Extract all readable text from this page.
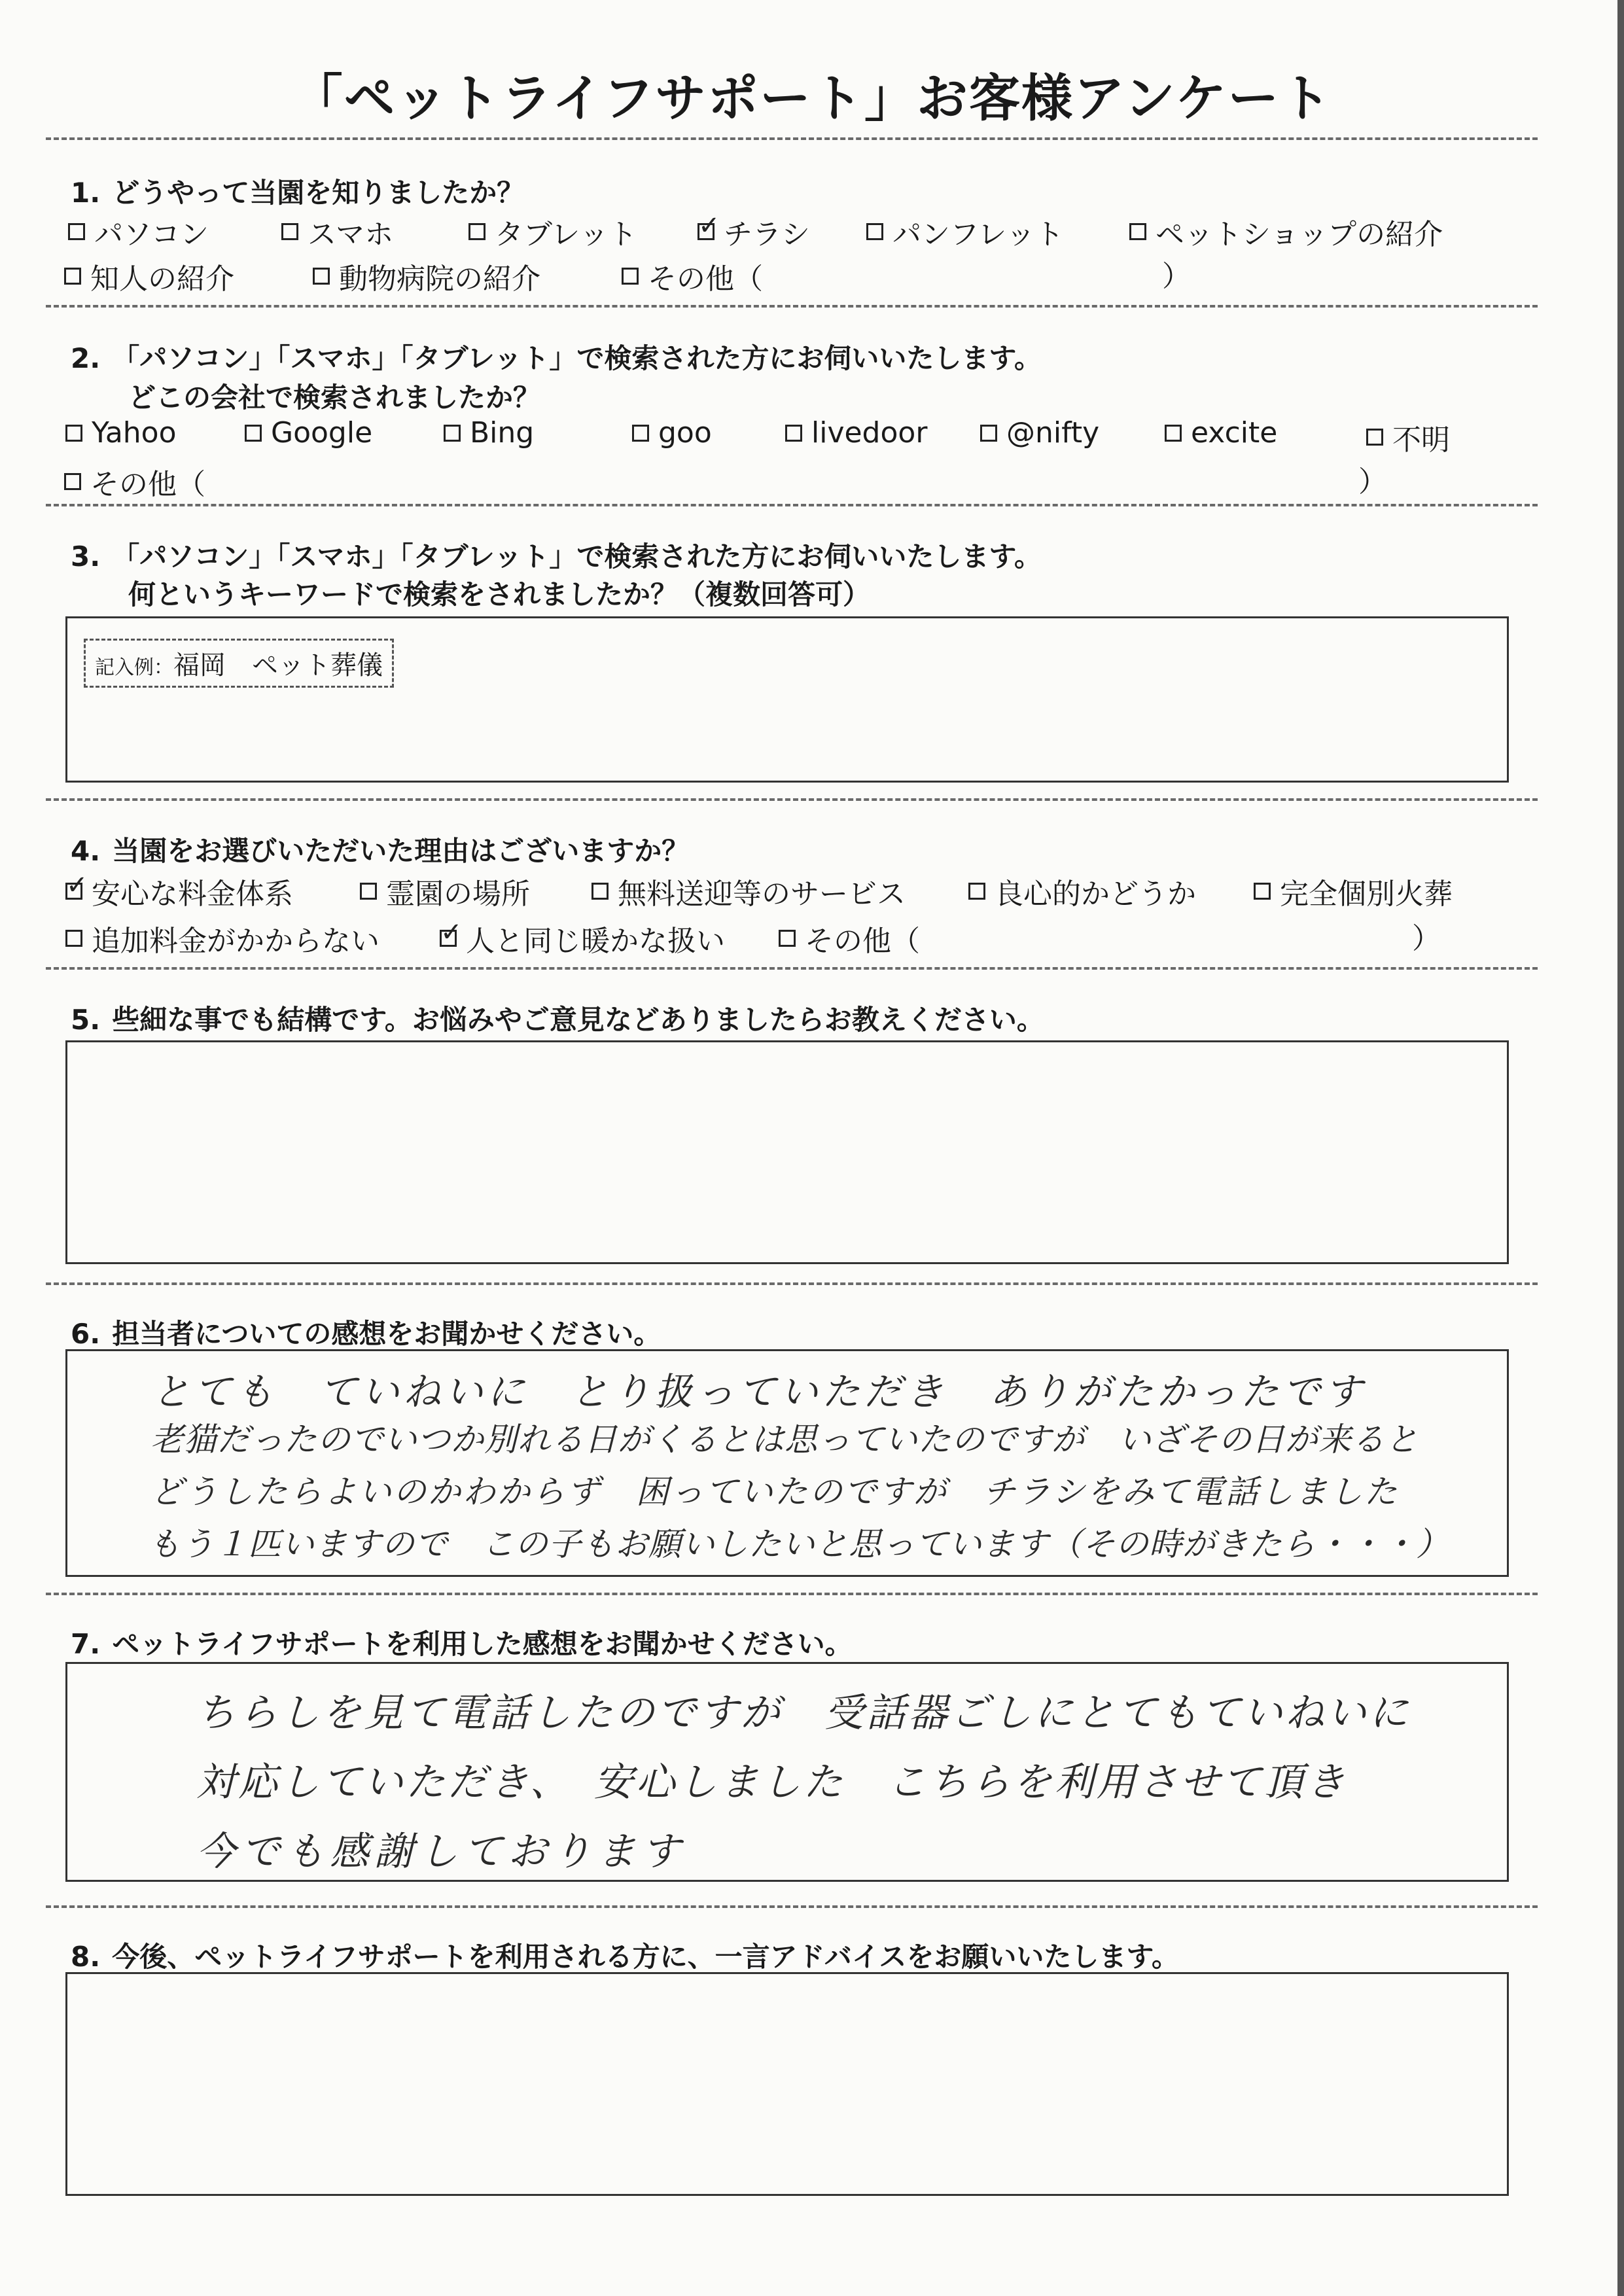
「ペットライフサポート」お客様アンケート
1. どうやって当園を知りましたか？
パソコン	スマホ	タブレット ✓	チラシ	パンフレット	ペットショップの紹介
知人の紹介	動物病院の紹介	その他（	）
2. 「パソコン」「スマホ」「タブレット」で検索された方にお伺いいたします。
どこの会社で検索されましたか？
Yahoo	Google	Bing	goo	livedoor	@nifty	excite	不明
その他（	）
3. 「パソコン」「スマホ」「タブレット」で検索された方にお伺いいたします。
何というキーワードで検索をされましたか？（複数回答可）
記入例：福岡　ペット葬儀
4. 当園をお選びいただいた理由はございますか？
✓
安心な料金体系	霊園の場所	無料送迎等のサービス	良心的かどうか	完全個別火葬
追加料金がかからない ✓	人と同じ暖かな扱い	その他（	）
5. 些細な事でも結構です。お悩みやご意見などありましたらお教えください。
6. 担当者についての感想をお聞かせください。
とても　ていねいに　とり扱っていただき　ありがたかったです
老猫だったのでいつか別れる日がくるとは思っていたのですが　いざその日が来ると
どうしたらよいのかわからず　困っていたのですが　チラシをみて電話しました
もう１匹いますので　この子もお願いしたいと思っています（その時がきたら・・・）
7. ペットライフサポートを利用した感想をお聞かせください。
ちらしを見て電話したのですが　受話器ごしにとてもていねいに
対応していただき、　安心しました　こちらを利用させて頂き
今でも感謝しております
8. 今後、ペットライフサポートを利用される方に、一言アドバイスをお願いいたします。
